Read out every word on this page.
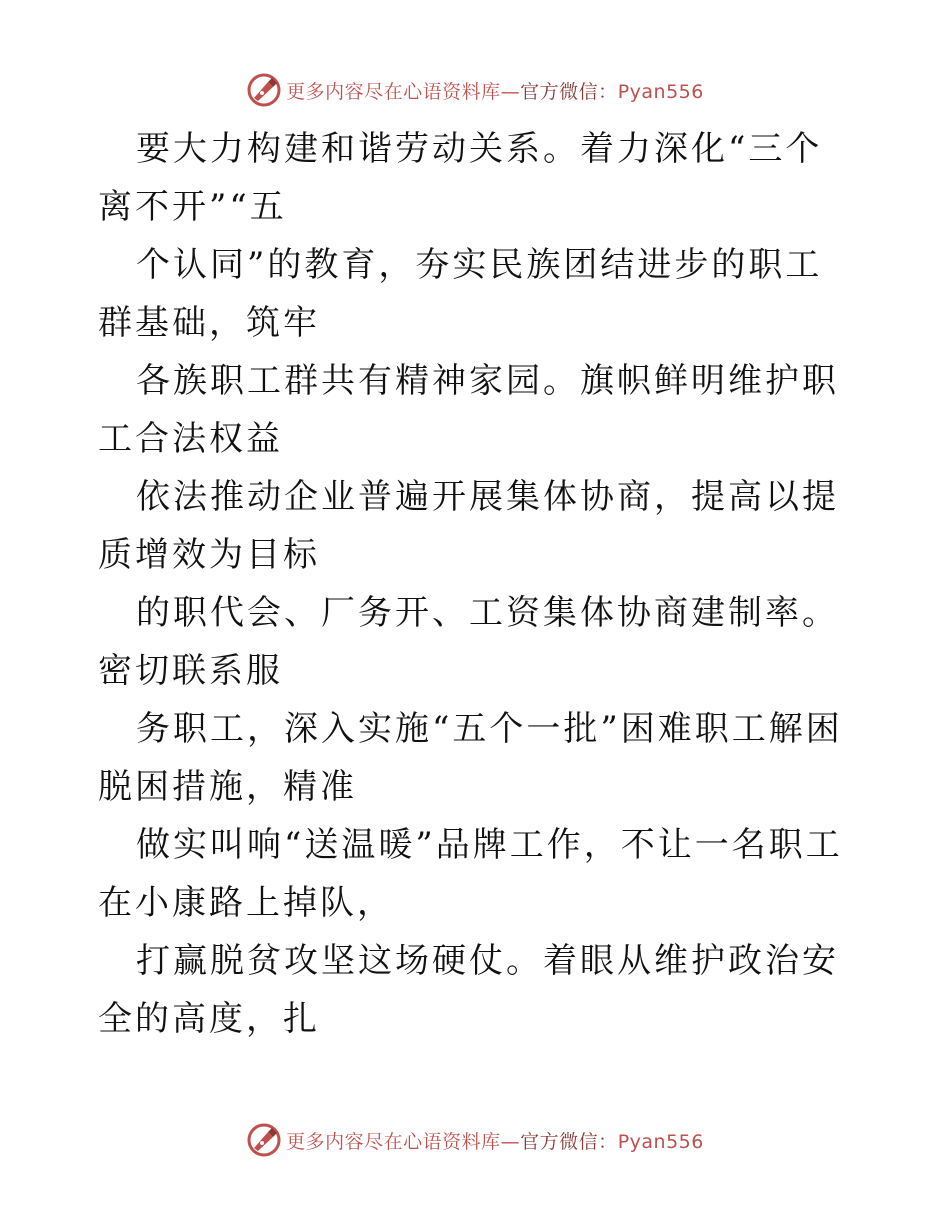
更多内容尽在心语资料库—官方微信：Pyan556

要大力构建和谐劳动关系。着力深化“三个离不开”“五

个认同”的教育，夯实民族团结进步的职工群基础，筑牢

各族职工群共有精神家园。旗帜鲜明维护职工合法权益

依法推动企业普遍开展集体协商，提高以提质增效为目标

的职代会、厂务开、工资集体协商建制率。密切联系服

务职工，深入实施“五个一批”困难职工解困脱困措施，精准

做实叫响“送温暖”品牌工作，不让一名职工在小康路上掉队，

打赢脱贫攻坚这场硬仗。着眼从维护政治安全的高度，扎

更多内容尽在心语资料库—官方微信：Pyan556
